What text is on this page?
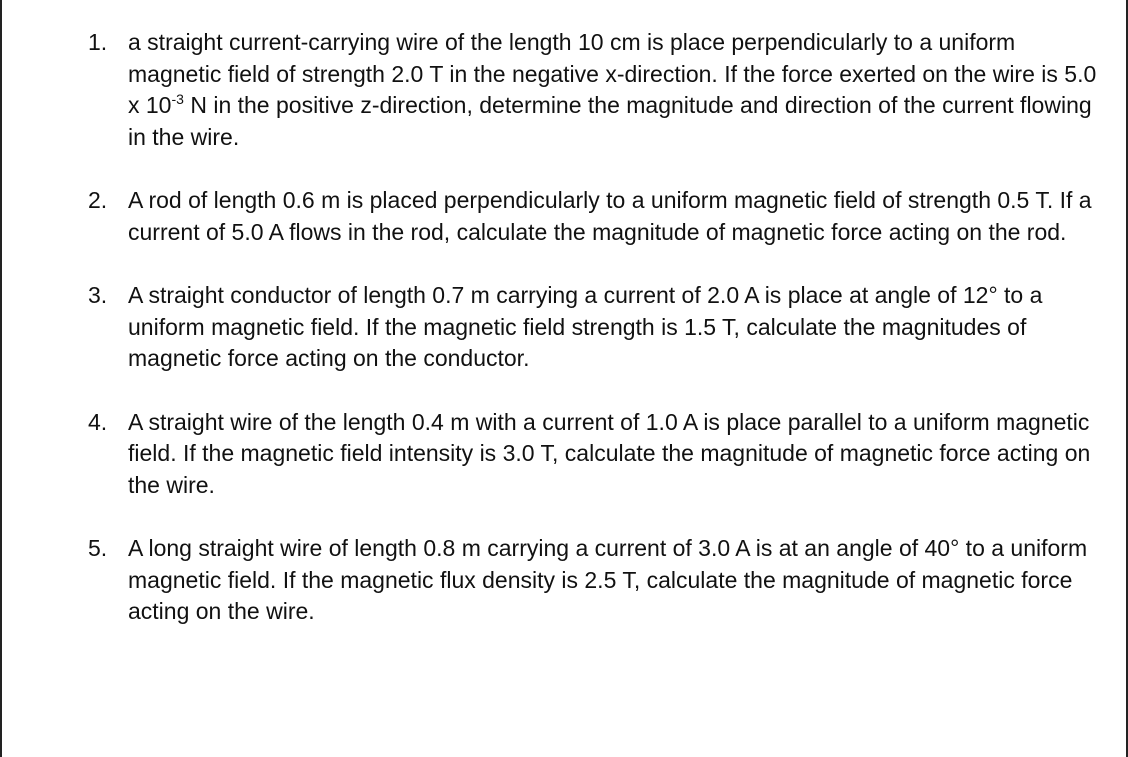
1. a straight current-carrying wire of the length 10 cm is place perpendicularly to a uniform magnetic field of strength 2.0 T in the negative x-direction. If the force exerted on the wire is 5.0 x $10^{-3}$ N in the positive z-direction, determine the magnitude and direction of the current flowing in the wire.
2. A rod of length 0.6 m is placed perpendicularly to a uniform magnetic field of strength 0.5 T. If a current of 5.0 A flows in the rod, calculate the magnitude of magnetic force acting on the rod.
3. A straight conductor of length 0.7 m carrying a current of 2.0 A is place at angle of 12° to a uniform magnetic field. If the magnetic field strength is 1.5 T, calculate the magnitudes of magnetic force acting on the conductor.
4. A straight wire of the length 0.4 m with a current of 1.0 A is place parallel to a uniform magnetic field. If the magnetic field intensity is 3.0 T, calculate the magnitude of magnetic force acting on the wire.
5. A long straight wire of length 0.8 m carrying a current of 3.0 A is at an angle of 40° to a uniform magnetic field. If the magnetic flux density is 2.5 T, calculate the magnitude of magnetic force acting on the wire.
